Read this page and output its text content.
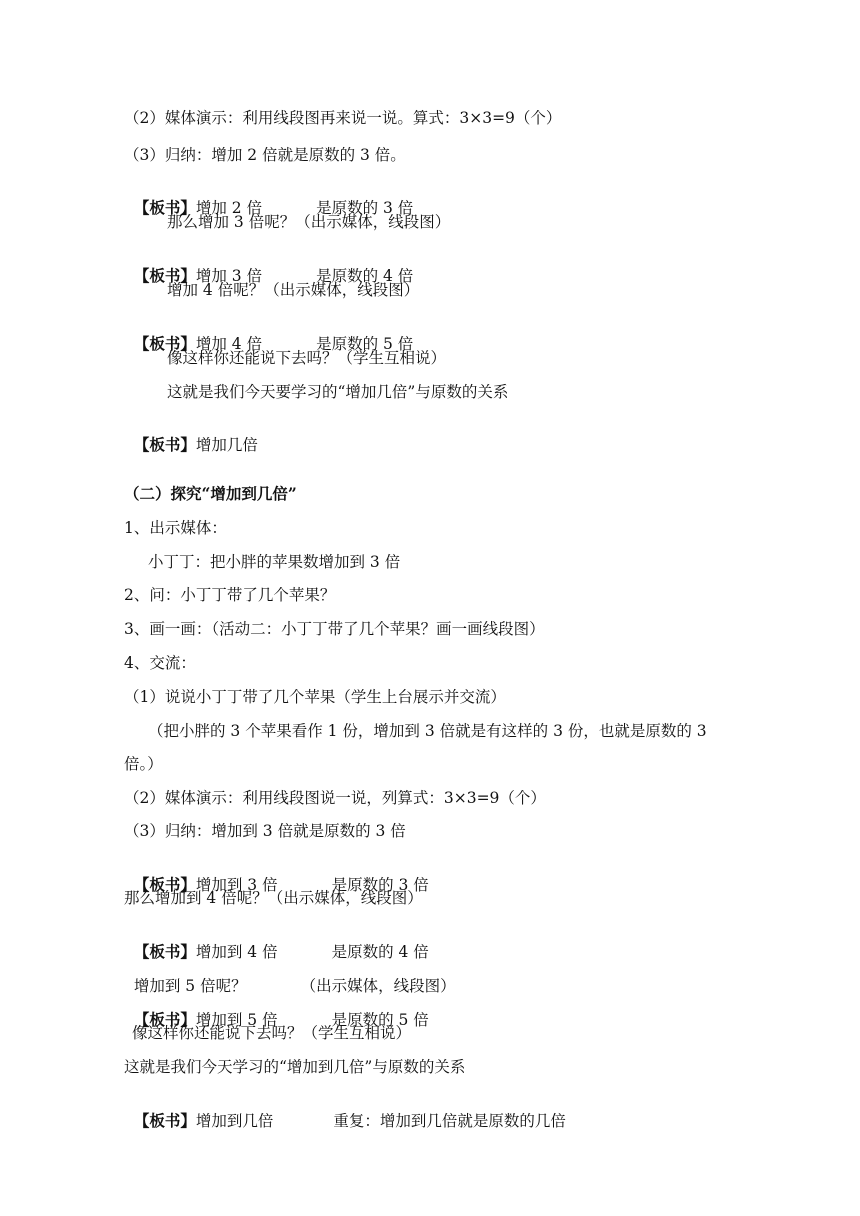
（2）媒体演示：利用线段图再来说一说。算式：3×3=9（个）
（3）归纳：增加 2 倍就是原数的 3 倍。

【板书】增加 2 倍	是原数的 3 倍

那么增加 3 倍呢？（出示媒体，线段图）

【板书】增加 3 倍	是原数的 4 倍

增加 4 倍呢？（出示媒体，线段图）

【板书】增加 4 倍	是原数的 5 倍

像这样你还能说下去吗？（学生互相说）
这就是我们今天要学习的“增加几倍”与原数的关系

【板书】增加几倍

（二）探究“增加到几倍”
1、出示媒体：
小丁丁：把小胖的苹果数增加到 3 倍
2、问：小丁丁带了几个苹果？
3、画一画：（活动二：小丁丁带了几个苹果？画一画线段图）
4、交流：
（1）说说小丁丁带了几个苹果（学生上台展示并交流）
（把小胖的 3 个苹果看作 1 份，增加到 3 倍就是有这样的 3 份，也就是原数的 3
倍。）
（2）媒体演示：利用线段图说一说，列算式：3×3=9（个）
（3）归纳：增加到 3 倍就是原数的 3 倍

【板书】增加到 3 倍	是原数的 3 倍

那么增加到 4 倍呢？（出示媒体，线段图）

【板书】增加到 4 倍	是原数的 4 倍

增加到 5 倍呢？	（出示媒体，线段图）

【板书】增加到 5 倍	是原数的 5 倍

像这样你还能说下去吗？（学生互相说）
这就是我们今天学习的“增加到几倍”与原数的关系

【板书】增加到几倍	重复：增加到几倍就是原数的几倍
